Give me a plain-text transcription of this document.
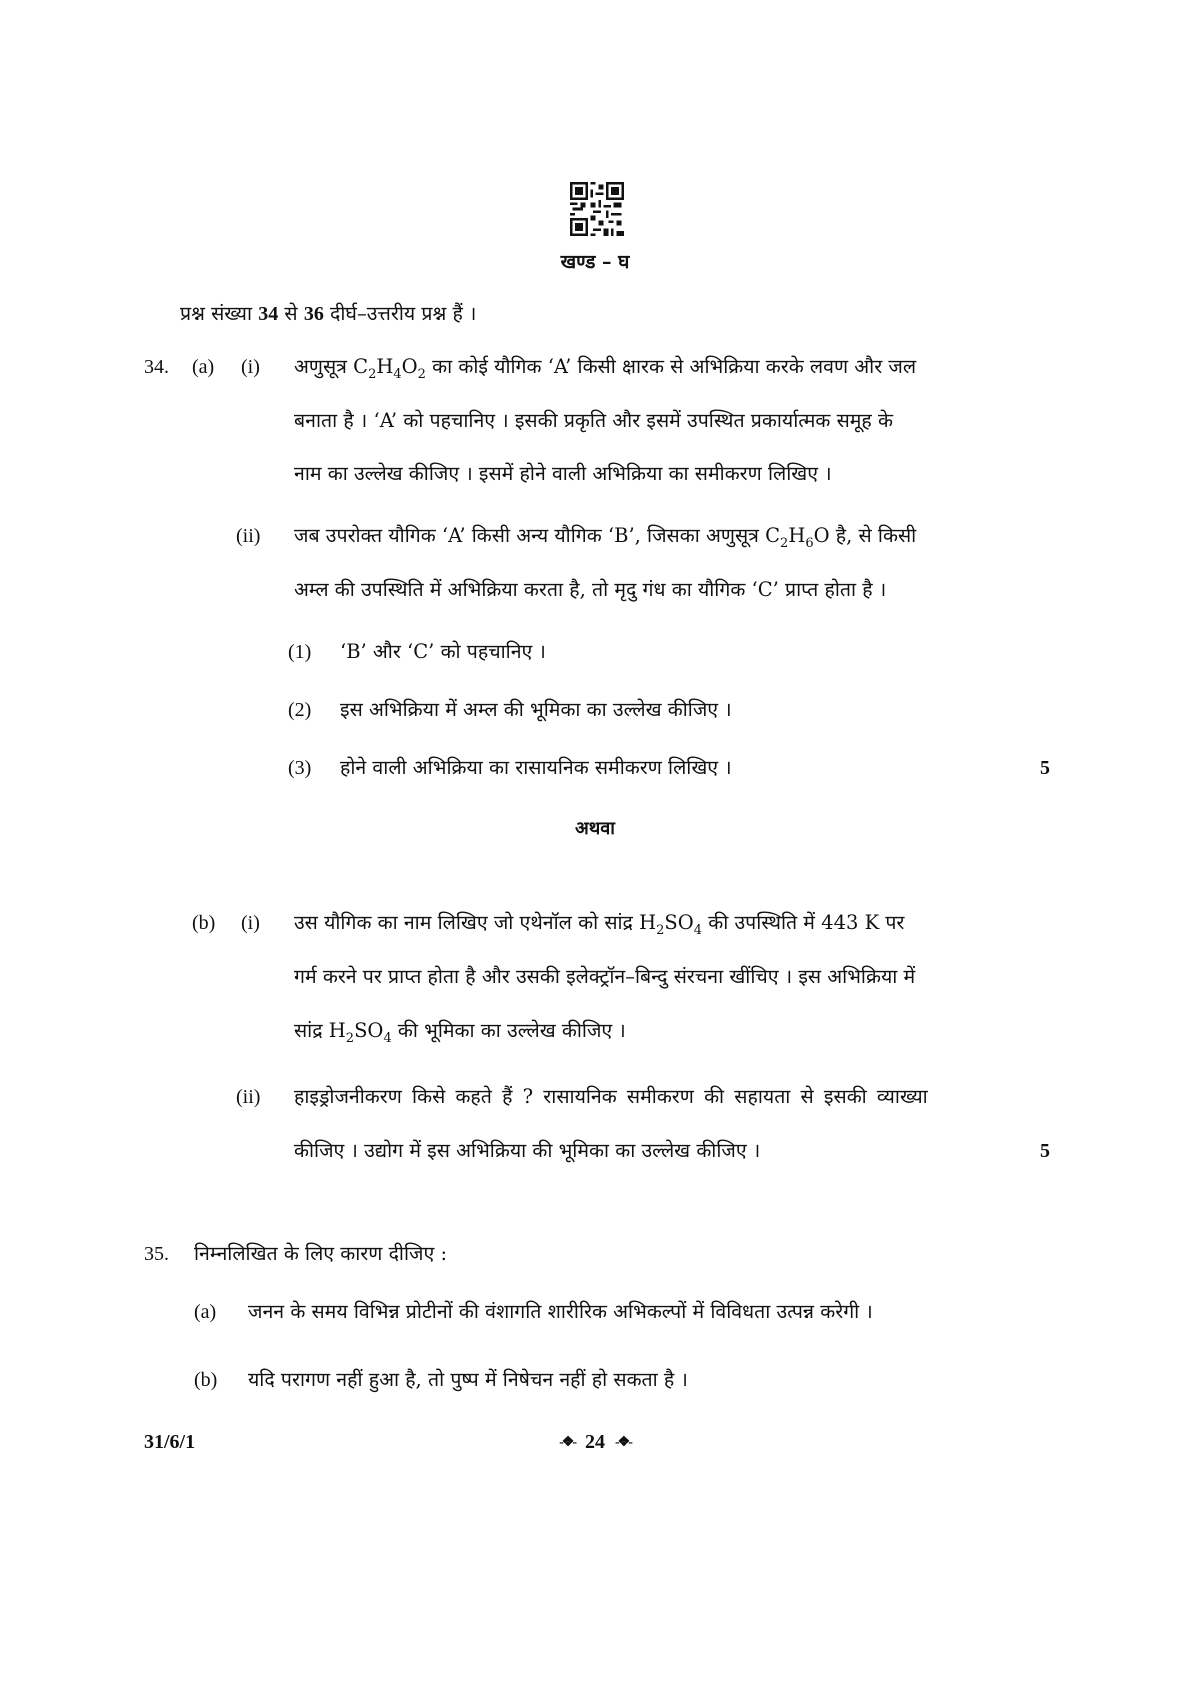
खण्ड – घ
प्रश्न संख्या 34 से 36 दीर्घ–उत्तरीय प्रश्न हैं ।
34. (a) (i) अणुसूत्र $C_2H_4O_2$ का कोई यौगिक ‘A’ किसी क्षारक से अभिक्रिया करके लवण और जल
बनाता है । ‘A’ को पहचानिए । इसकी प्रकृति और इसमें उपस्थित प्रकार्यात्मक समूह के
नाम का उल्लेख कीजिए । इसमें होने वाली अभिक्रिया का समीकरण लिखिए ।
(ii) जब उपरोक्त यौगिक ‘A’ किसी अन्य यौगिक ‘B’, जिसका अणुसूत्र $C_2H_6O$ है, से किसी
अम्ल की उपस्थिति में अभिक्रिया करता है, तो मृदु गंध का यौगिक ‘C’ प्राप्त होता है ।
(1) ‘B’ और ‘C’ को पहचानिए ।
(2) इस अभिक्रिया में अम्ल की भूमिका का उल्लेख कीजिए ।
(3) होने वाली अभिक्रिया का रासायनिक समीकरण लिखिए ।	5
अथवा
(b) (i) उस यौगिक का नाम लिखिए जो एथेनॉल को सांद्र $H_2SO_4$ की उपस्थिति में 443 K पर
गर्म करने पर प्राप्त होता है और उसकी इलेक्ट्रॉन–बिन्दु संरचना खींचिए । इस अभिक्रिया में
सांद्र $H_2SO_4$ की भूमिका का उल्लेख कीजिए ।
(ii) हाइड्रोजनीकरण किसे कहते हैं ? रासायनिक समीकरण की सहायता से इसकी व्याख्या
कीजिए । उद्योग में इस अभिक्रिया की भूमिका का उल्लेख कीजिए ।	5
35. निम्नलिखित के लिए कारण दीजिए :
(a) जनन के समय विभिन्न प्रोटीनों की वंशागति शारीरिक अभिकल्पों में विविधता उत्पन्न करेगी ।
(b) यदि परागण नहीं हुआ है, तो पुष्प में निषेचन नहीं हो सकता है ।
31/6/1	-❖- 24 -❖-
